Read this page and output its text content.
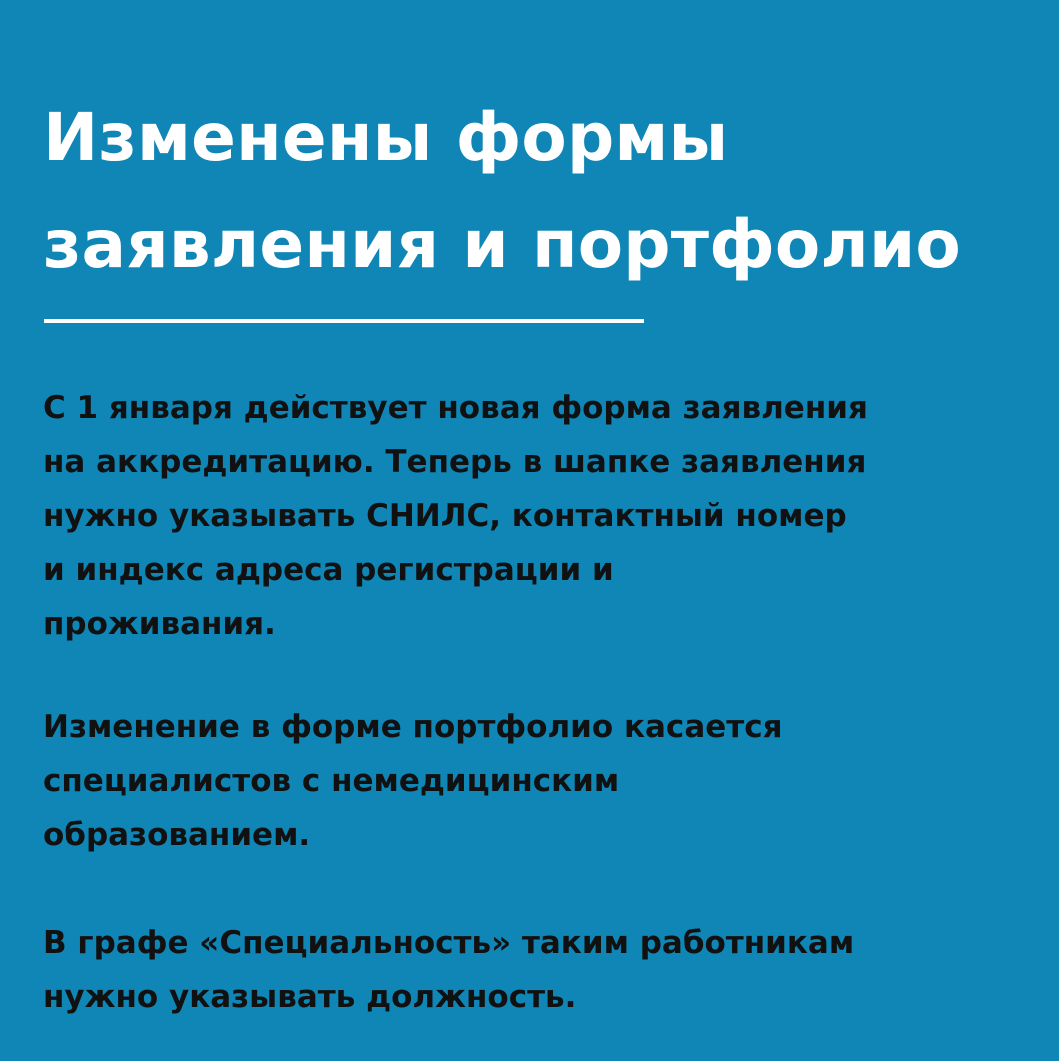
Изменены формы
заявления и портфолио

С 1 января действует новая форма заявления
на аккредитацию. Теперь в шапке заявления
нужно указывать СНИЛС, контактный номер
и индекс адреса регистрации и
проживания.

Изменение в форме портфолио касается
специалистов с немедицинским
образованием.

В графе «Специальность» таким работникам
нужно указывать должность.
